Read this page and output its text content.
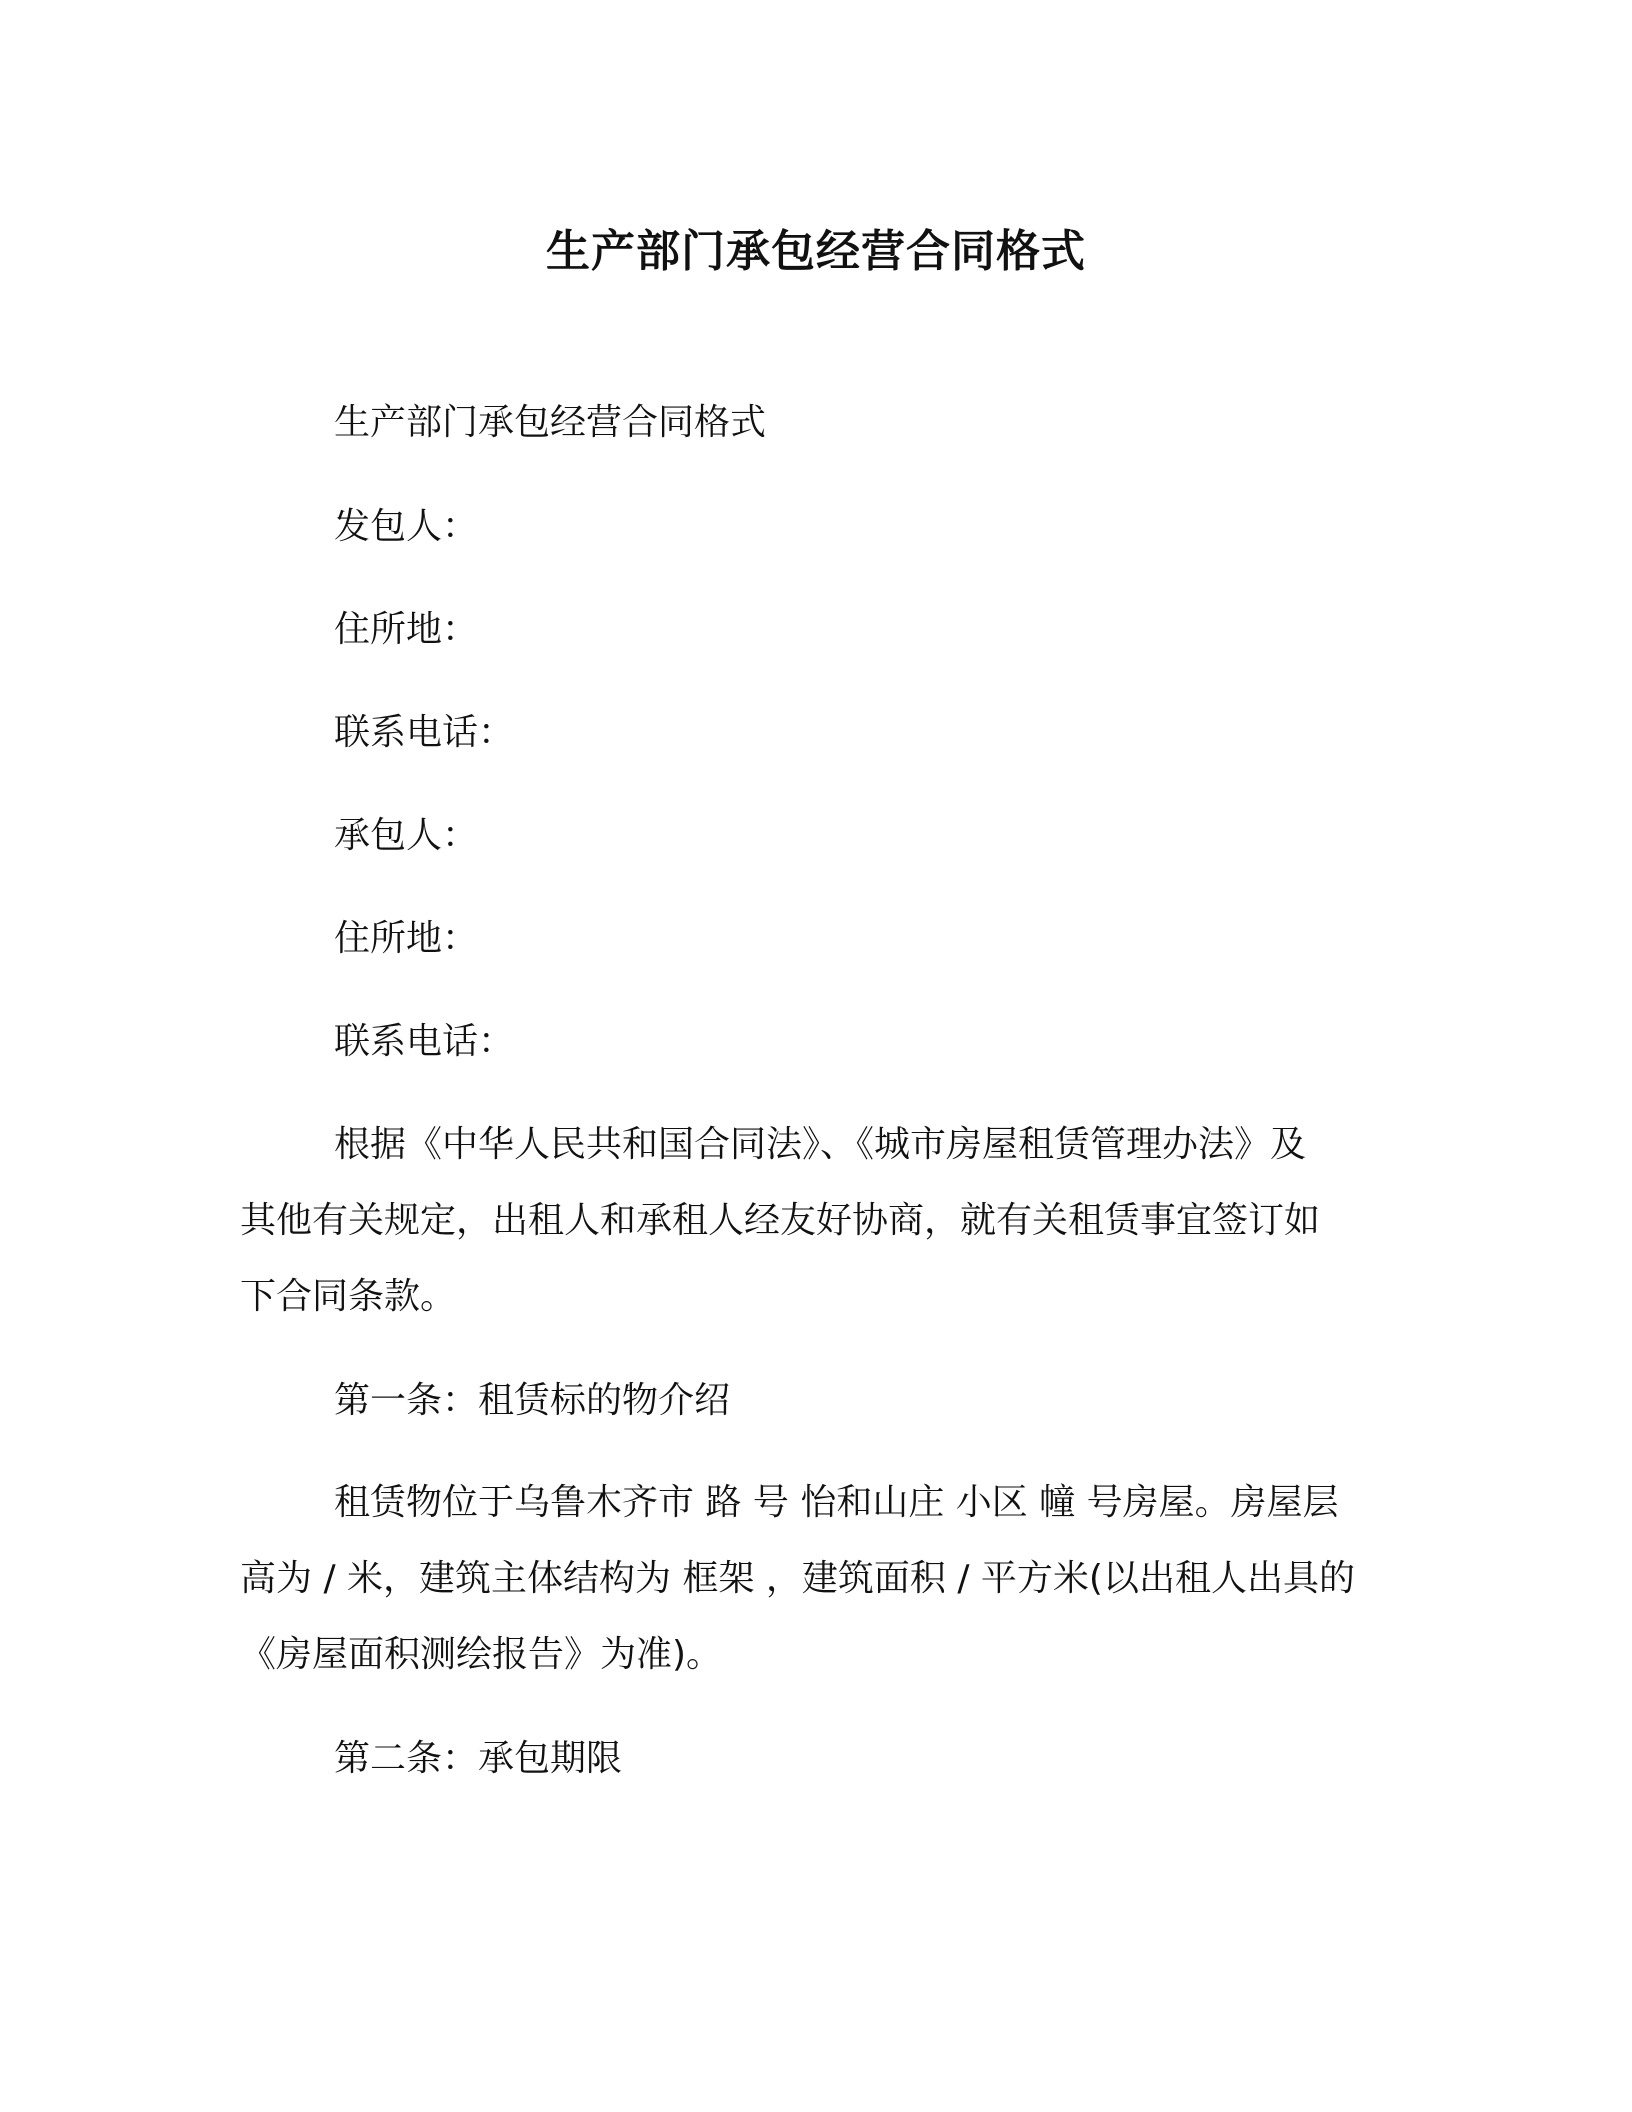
生产部门承包经营合同格式

生产部门承包经营合同格式

发包人：

住所地：

联系电话：

承包人：

住所地：

联系电话：

根据《中华人民共和国合同法》、《城市房屋租赁管理办法》及

其他有关规定，出租人和承租人经友好协商，就有关租赁事宜签订如

下合同条款。

第一条：租赁标的物介绍

租赁物位于乌鲁木齐市 路 号 怡和山庄 小区 幢 号房屋。房屋层

高为 / 米，建筑主体结构为 框架 ，建筑面积 / 平方米(以出租人出具的

《房屋面积测绘报告》为准)。

第二条：承包期限
